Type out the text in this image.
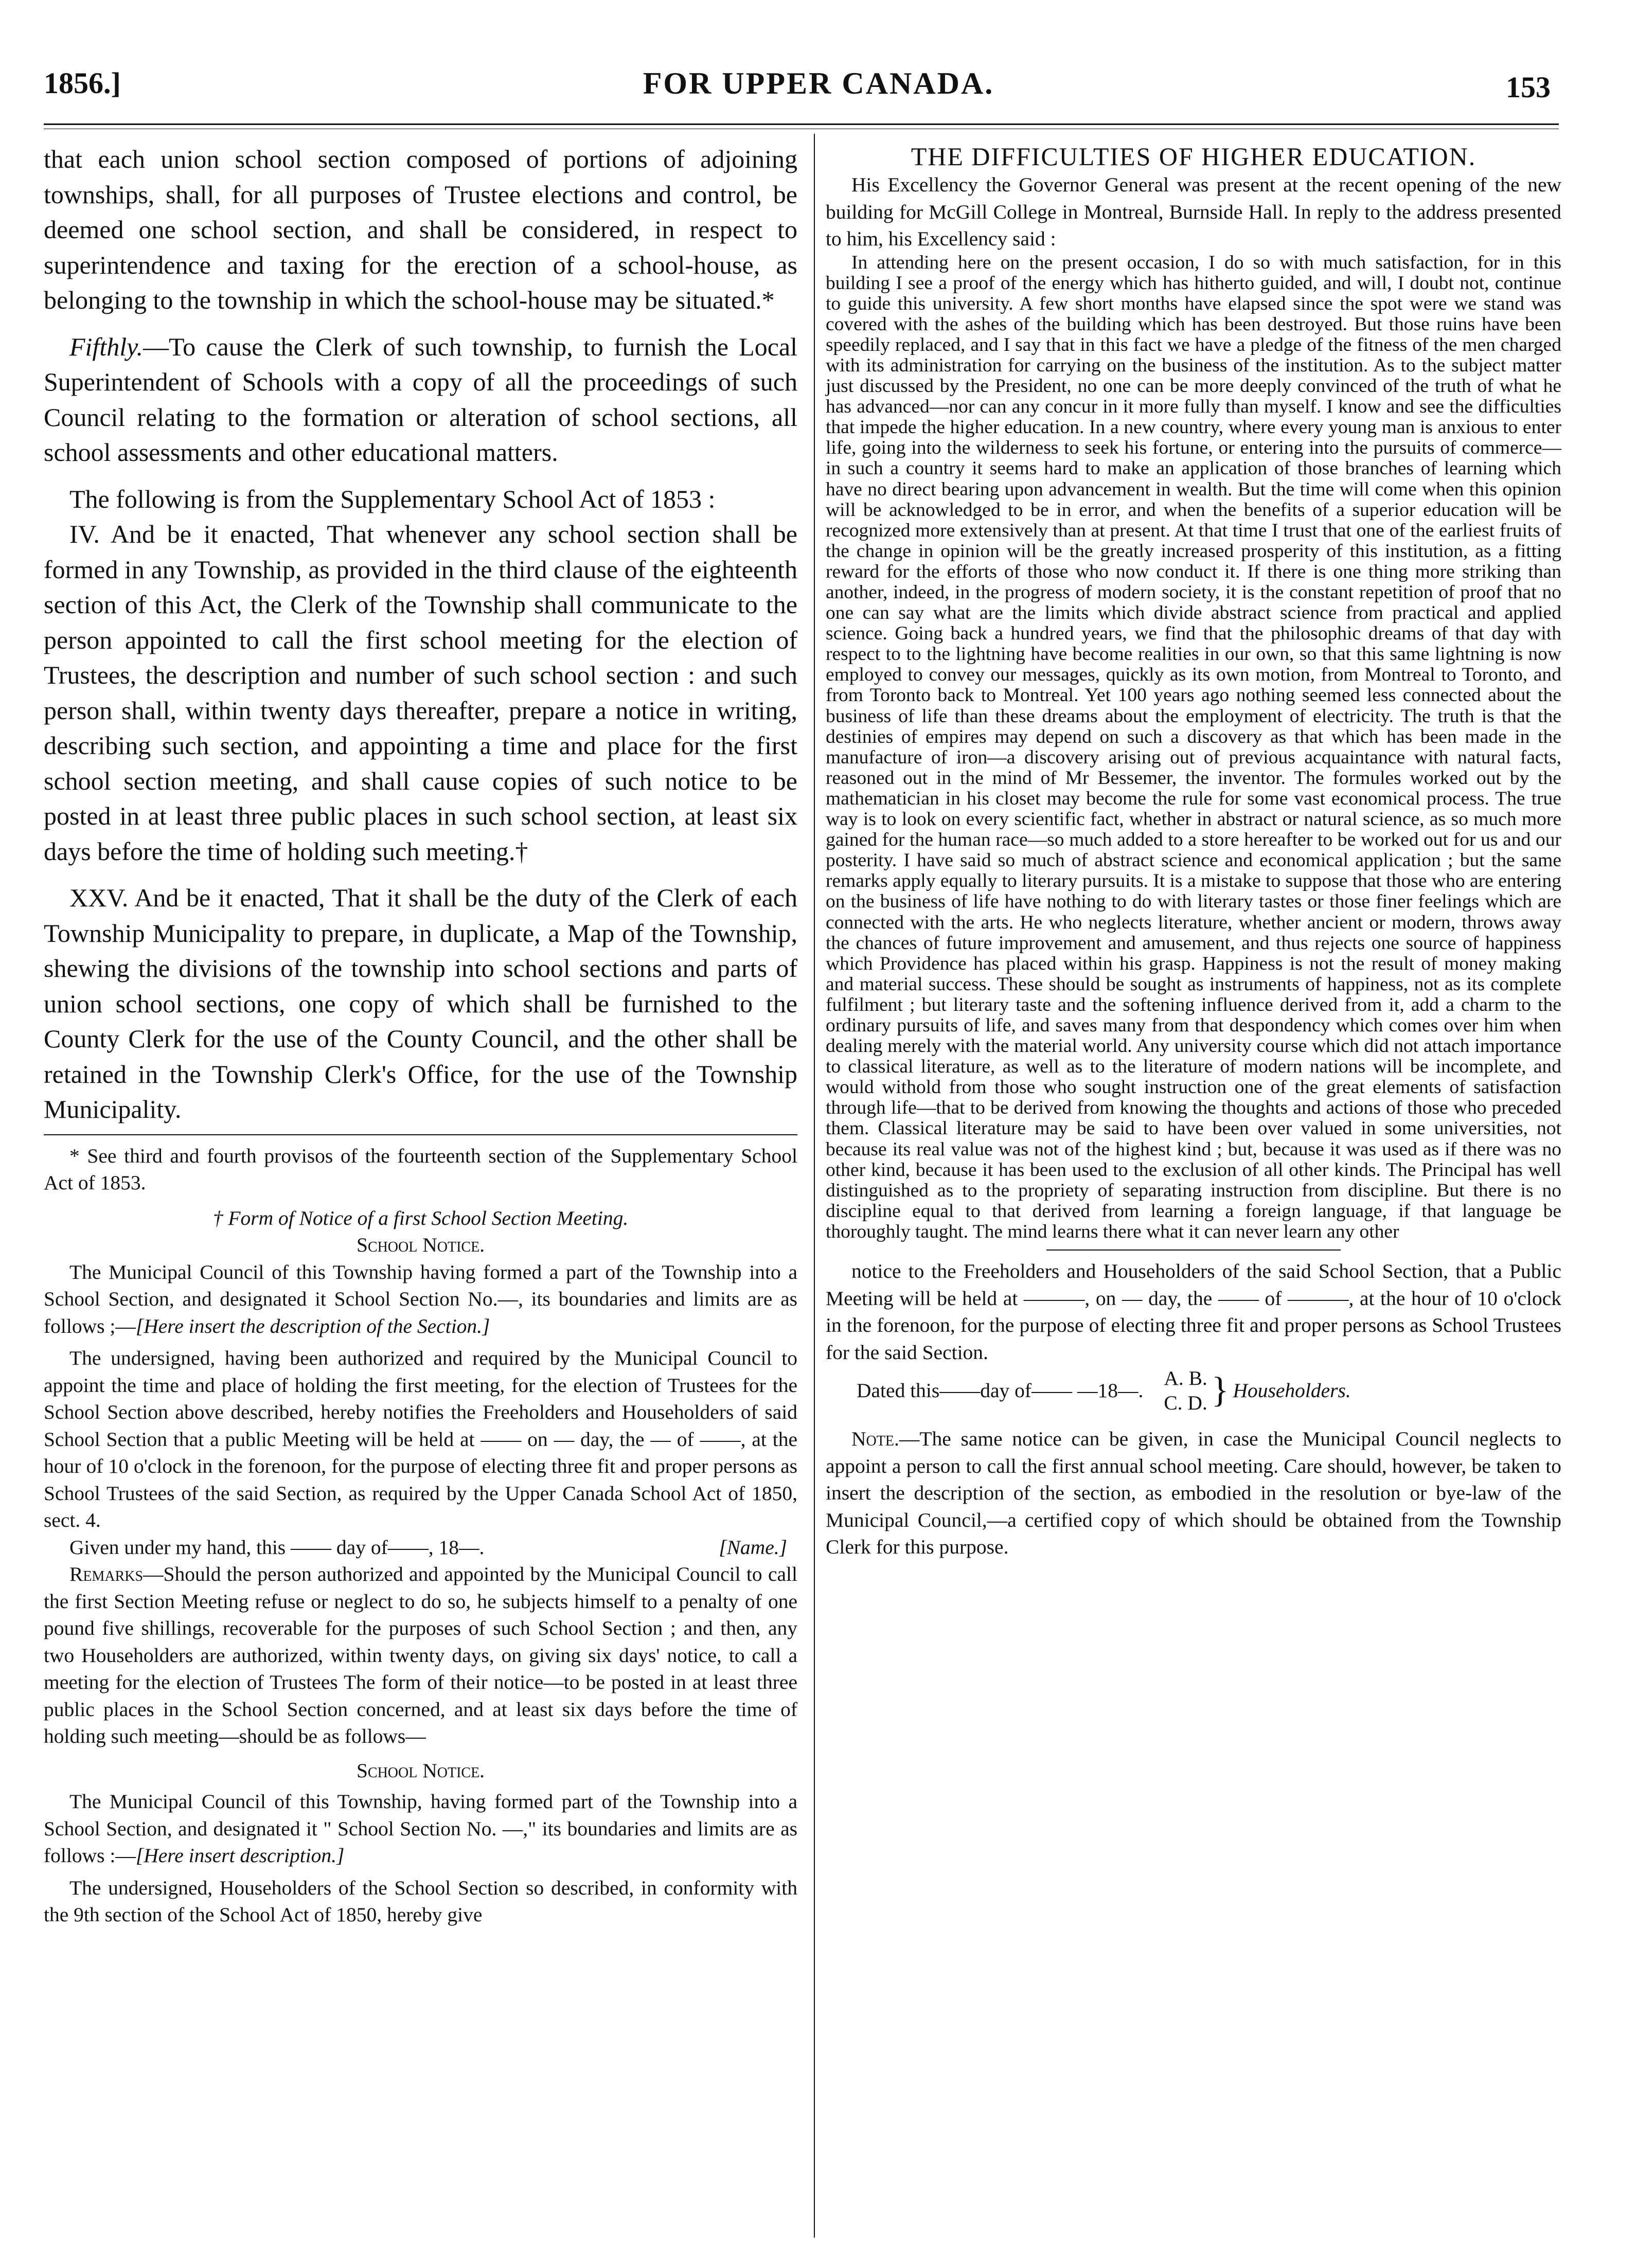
1856.]	FOR UPPER CANADA.	153

that each union school section composed of portions of adjoining townships, shall, for all purposes of Trustee elections and control, be deemed one school section, and shall be considered, in respect to superintendence and taxing for the erection of a school-house, as belonging to the township in which the school-house may be situated.*

Fifthly.—To cause the Clerk of such township, to furnish the Local Superintendent of Schools with a copy of all the proceedings of such Council relating to the formation or alteration of school sections, all school assessments and other educational matters.

The following is from the Supplementary School Act of 1853 :

IV. And be it enacted, That whenever any school section shall be formed in any Township, as provided in the third clause of the eighteenth section of this Act, the Clerk of the Township shall communicate to the person appointed to call the first school meeting for the election of Trustees, the description and number of such school section : and such person shall, within twenty days thereafter, prepare a notice in writing, describing such section, and appointing a time and place for the first school section meeting, and shall cause copies of such notice to be posted in at least three public places in such school section, at least six days before the time of holding such meeting.†

XXV. And be it enacted, That it shall be the duty of the Clerk of each Township Municipality to prepare, in duplicate, a Map of the Township, shewing the divisions of the township into school sections and parts of union school sections, one copy of which shall be furnished to the County Clerk for the use of the County Council, and the other shall be retained in the Township Clerk's Office, for the use of the Township Municipality.

* See third and fourth provisos of the fourteenth section of the Supplementary School Act of 1853.

† Form of Notice of a first School Section Meeting.

School Notice.

The Municipal Council of this Township having formed a part of the Township into a School Section, and designated it School Section No.—, its boundaries and limits are as follows ;—[Here insert the description of the Section.]

The undersigned, having been authorized and required by the Municipal Council to appoint the time and place of holding the first meeting, for the election of Trustees for the School Section above described, hereby notifies the Freeholders and Householders of said School Section that a public Meeting will be held at —— on — day, the — of ——, at the hour of 10 o'clock in the forenoon, for the purpose of electing three fit and proper persons as School Trustees of the said Section, as required by the Upper Canada School Act of 1850, sect. 4.

Given under my hand, this —— day of——, 18—.	[Name.]

Remarks—Should the person authorized and appointed by the Municipal Council to call the first Section Meeting refuse or neglect to do so, he subjects himself to a penalty of one pound five shillings, recoverable for the purposes of such School Section ; and then, any two Householders are authorized, within twenty days, on giving six days' notice, to call a meeting for the election of Trustees The form of their notice—to be posted in at least three public places in the School Section concerned, and at least six days before the time of holding such meeting—should be as follows—

School Notice.

The Municipal Council of this Township, having formed part of the Township into a School Section, and designated it " School Section No. —," its boundaries and limits are as follows :—[Here insert description.]

The undersigned, Householders of the School Section so described, in conformity with the 9th section of the School Act of 1850, hereby give

THE DIFFICULTIES OF HIGHER EDUCATION.

His Excellency the Governor General was present at the recent opening of the new building for McGill College in Montreal, Burnside Hall. In reply to the address presented to him, his Excellency said :

In attending here on the present occasion, I do so with much satisfaction, for in this building I see a proof of the energy which has hitherto guided, and will, I doubt not, continue to guide this university. A few short months have elapsed since the spot were we stand was covered with the ashes of the building which has been destroyed. But those ruins have been speedily replaced, and I say that in this fact we have a pledge of the fitness of the men charged with its administration for carrying on the business of the institution. As to the subject matter just discussed by the President, no one can be more deeply convinced of the truth of what he has advanced—nor can any concur in it more fully than myself. I know and see the difficulties that impede the higher education. In a new country, where every young man is anxious to enter life, going into the wilderness to seek his fortune, or entering into the pursuits of commerce—in such a country it seems hard to make an application of those branches of learning which have no direct bearing upon advancement in wealth. But the time will come when this opinion will be acknowledged to be in error, and when the benefits of a superior education will be recognized more extensively than at present. At that time I trust that one of the earliest fruits of the change in opinion will be the greatly increased prosperity of this institution, as a fitting reward for the efforts of those who now conduct it. If there is one thing more striking than another, indeed, in the progress of modern society, it is the constant repetition of proof that no one can say what are the limits which divide abstract science from practical and applied science. Going back a hundred years, we find that the philosophic dreams of that day with respect to to the lightning have become realities in our own, so that this same lightning is now employed to convey our messages, quickly as its own motion, from Montreal to Toronto, and from Toronto back to Montreal. Yet 100 years ago nothing seemed less connected about the business of life than these dreams about the employment of electricity. The truth is that the destinies of empires may depend on such a discovery as that which has been made in the manufacture of iron—a discovery arising out of previous acquaintance with natural facts, reasoned out in the mind of Mr Bessemer, the inventor. The formules worked out by the mathematician in his closet may become the rule for some vast economical process. The true way is to look on every scientific fact, whether in abstract or natural science, as so much more gained for the human race—so much added to a store hereafter to be worked out for us and our posterity. I have said so much of abstract science and economical application ; but the same remarks apply equally to literary pursuits. It is a mistake to suppose that those who are entering on the business of life have nothing to do with literary tastes or those finer feelings which are connected with the arts. He who neglects literature, whether ancient or modern, throws away the chances of future improvement and amusement, and thus rejects one source of happiness which Providence has placed within his grasp. Happiness is not the result of money making and material success. These should be sought as instruments of happiness, not as its complete fulfilment ; but literary taste and the softening influence derived from it, add a charm to the ordinary pursuits of life, and saves many from that despondency which comes over him when dealing merely with the material world. Any university course which did not attach importance to classical literature, as well as to the literature of modern nations will be incomplete, and would withold from those who sought instruction one of the great elements of satisfaction through life—that to be derived from knowing the thoughts and actions of those who preceded them. Classical literature may be said to have been over valued in some universities, not because its real value was not of the highest kind ; but, because it was used as if there was no other kind, because it has been used to the exclusion of all other kinds. The Principal has well distinguished as to the propriety of separating instruction from discipline. But there is no discipline equal to that derived from learning a foreign language, if that language be thoroughly taught. The mind learns there what it can never learn any other

notice to the Freeholders and Householders of the said School Section, that a Public Meeting will be held at ———, on — day, the —— of ———, at the hour of 10 o'clock in the forenoon, for the purpose of electing three fit and proper persons as School Trustees for the said Section.

Dated this——day of—— —18—.
A. B.
C. D. } Householders.

Note.—The same notice can be given, in case the Municipal Council neglects to appoint a person to call the first annual school meeting. Care should, however, be taken to insert the description of the section, as embodied in the resolution or bye-law of the Municipal Council,—a certified copy of which should be obtained from the Township Clerk for this purpose.
